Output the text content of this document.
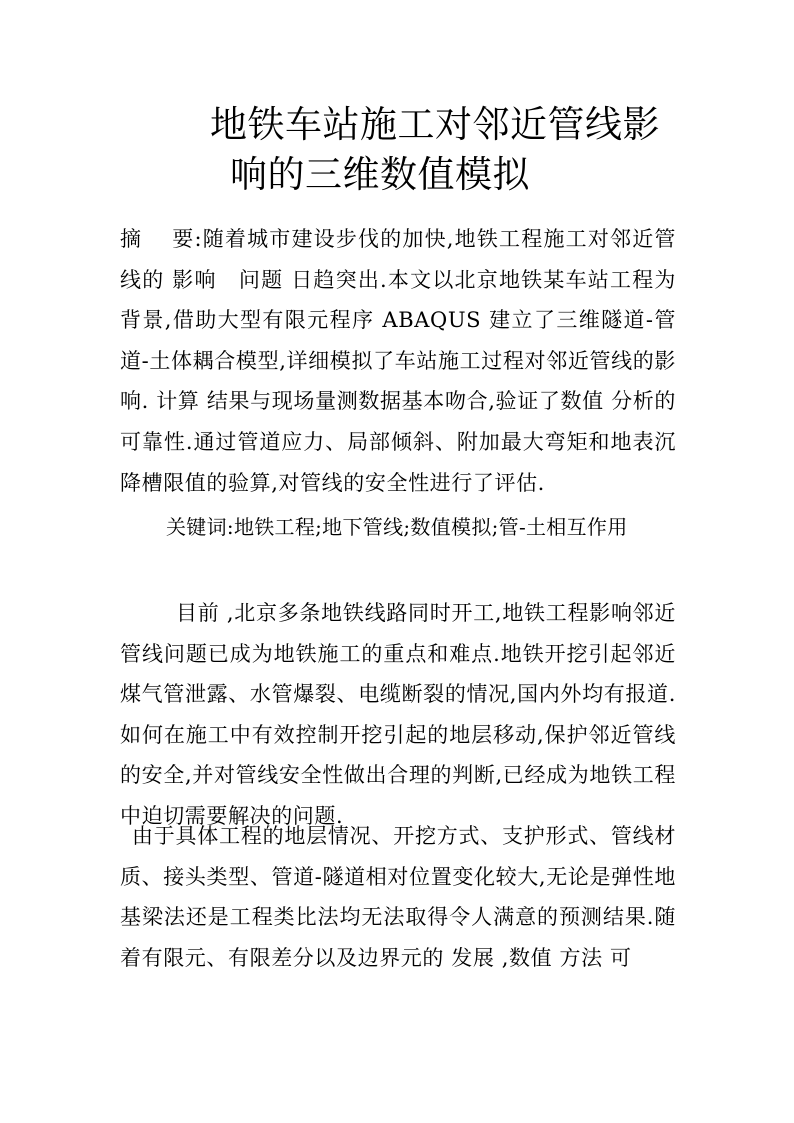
地铁车站施工对邻近管线影
响的三维数值模拟

摘　 要:随着城市建设步伐的加快,地铁工程施工对邻近管线的 影响　问题 日趋突出.本文以北京地铁某车站工程为背景,借助大型有限元程序 ABAQUS 建立了三维隧道-管道-土体耦合模型,详细模拟了车站施工过程对邻近管线的影响. 计算 结果与现场量测数据基本吻合,验证了数值 分析的可靠性.通过管道应力、局部倾斜、附加最大弯矩和地表沉降槽限值的验算,对管线的安全性进行了评估.

关键词:地铁工程;地下管线;数值模拟;管-土相互作用

目前 ,北京多条地铁线路同时开工,地铁工程影响邻近管线问题已成为地铁施工的重点和难点.地铁开挖引起邻近煤气管泄露、水管爆裂、电缆断裂的情况,国内外均有报道.如何在施工中有效控制开挖引起的地层移动,保护邻近管线的安全,并对管线安全性做出合理的判断,已经成为地铁工程中迫切需要解决的问题.

由于具体工程的地层情况、开挖方式、支护形式、管线材质、接头类型、管道-隧道相对位置变化较大,无论是弹性地基梁法还是工程类比法均无法取得令人满意的预测结果.随着有限元、有限差分以及边界元的 发展 ,数值 方法 可
